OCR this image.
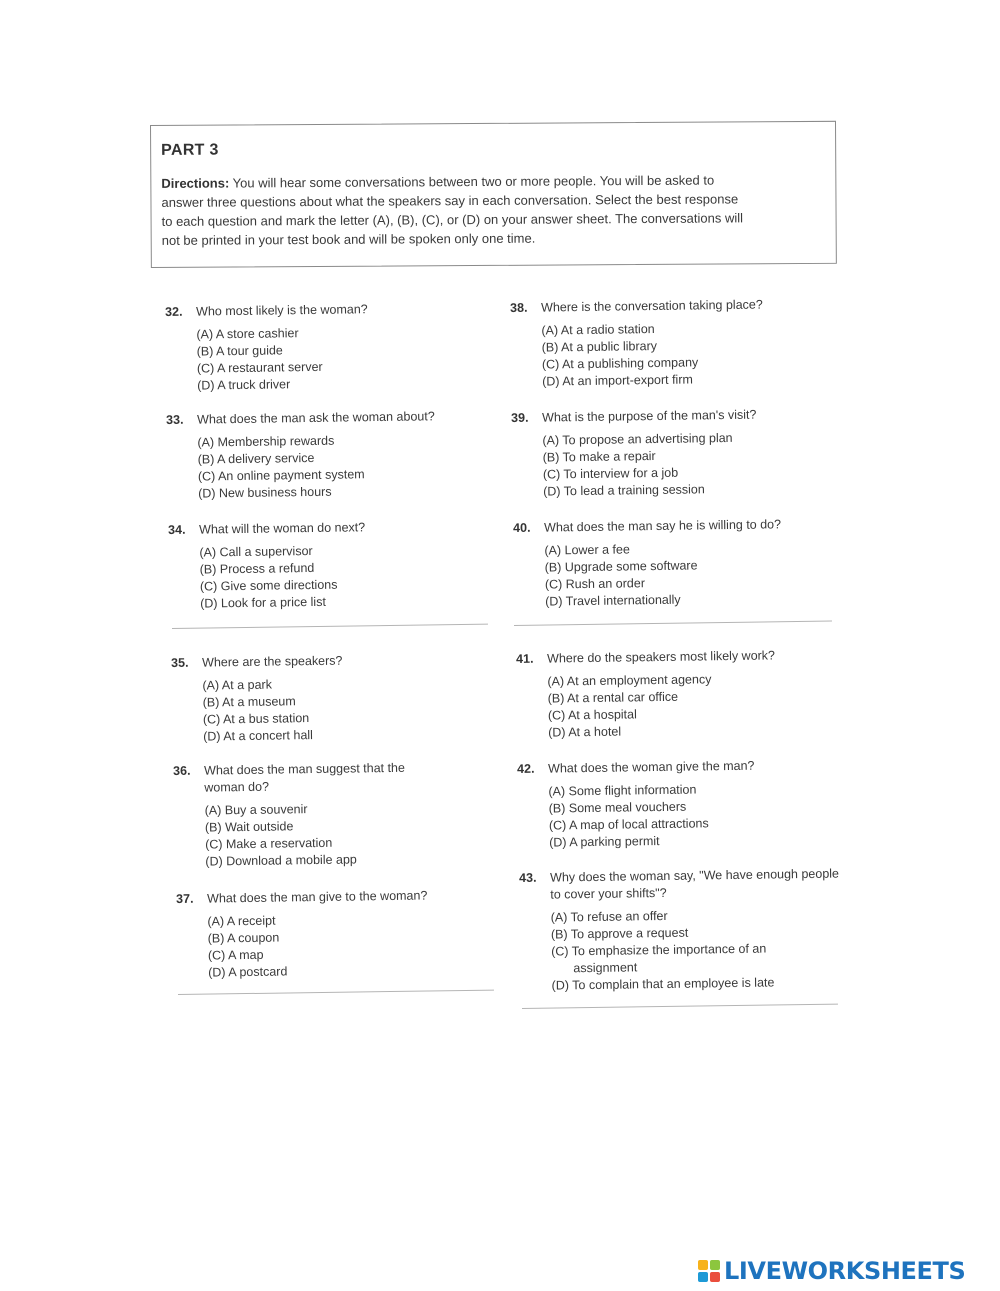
PART 3
Directions: You will hear some conversations between two or more people. You will be asked to
answer three questions about what the speakers say in each conversation. Select the best response
to each question and mark the letter (A), (B), (C), or (D) on your answer sheet. The conversations will
not be printed in your test book and will be spoken only one time.
32.	Who most likely is the woman?
(A) A store cashier
(B) A tour guide
(C) A restaurant server
(D) A truck driver
33.	What does the man ask the woman about?
(A) Membership rewards
(B) A delivery service
(C) An online payment system
(D) New business hours
34.	What will the woman do next?
(A) Call a supervisor
(B) Process a refund
(C) Give some directions
(D) Look for a price list
35.	Where are the speakers?
(A) At a park
(B) At a museum
(C) At a bus station
(D) At a concert hall
36.	What does the man suggest that the woman do?
(A) Buy a souvenir
(B) Wait outside
(C) Make a reservation
(D) Download a mobile app
37.	What does the man give to the woman?
(A) A receipt
(B) A coupon
(C) A map
(D) A postcard
38.	Where is the conversation taking place?
(A) At a radio station
(B) At a public library
(C) At a publishing company
(D) At an import-export firm
39.	What is the purpose of the man's visit?
(A) To propose an advertising plan
(B) To make a repair
(C) To interview for a job
(D) To lead a training session
40.	What does the man say he is willing to do?
(A) Lower a fee
(B) Upgrade some software
(C) Rush an order
(D) Travel internationally
41.	Where do the speakers most likely work?
(A) At an employment agency
(B) At a rental car office
(C) At a hospital
(D) At a hotel
42.	What does the woman give the man?
(A) Some flight information
(B) Some meal vouchers
(C) A map of local attractions
(D) A parking permit
43.	Why does the woman say, "We have enough people to cover your shifts"?
(A) To refuse an offer
(B) To approve a request
(C) To emphasize the importance of an assignment
(D) To complain that an employee is late
LIVEWORKSHEETS
